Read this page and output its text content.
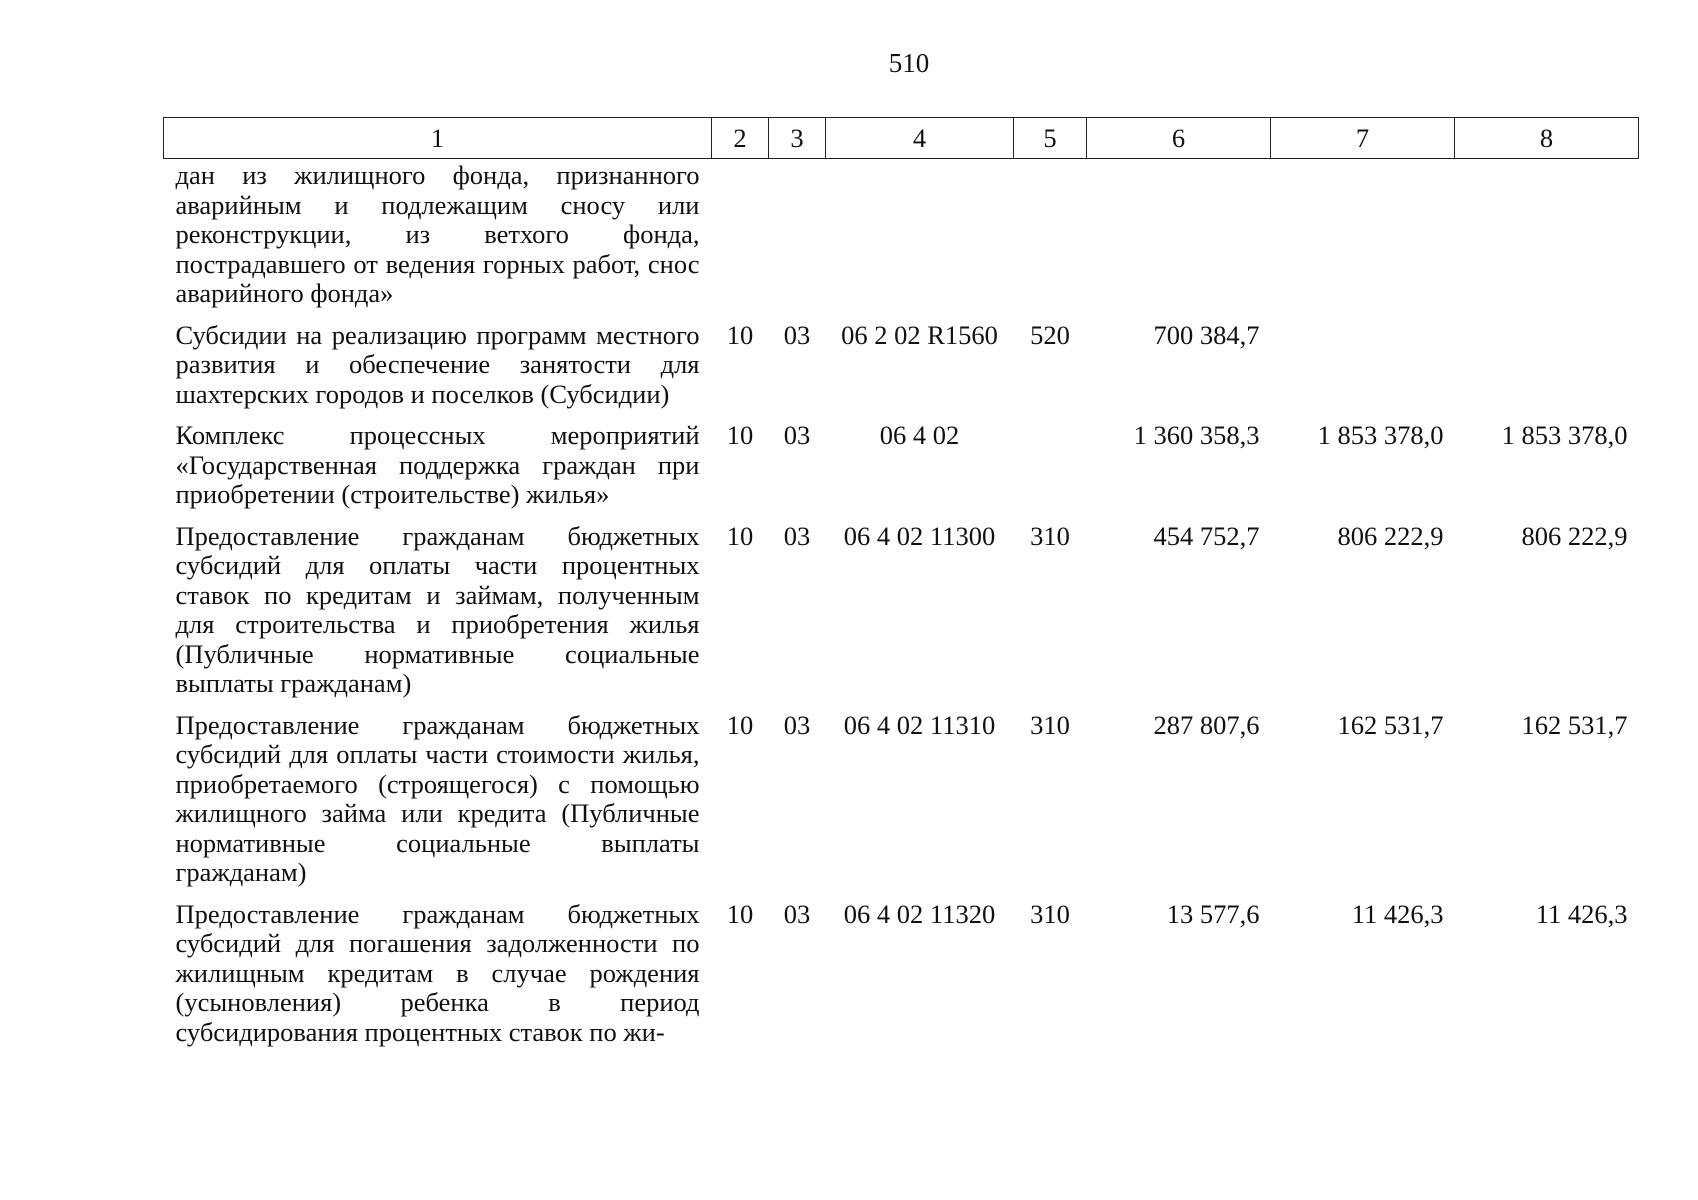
510
1	2	3	4	5	6	7	8
дан из жилищного фонда, признанного аварийным и подлежащим сносу или реконструкции, из ветхого фонда, пострадавшего от ведения горных работ, снос аварийного фонда»							
Субсидии на реализацию программ местного развития и обеспечение занятости для шахтерских городов и поселков (Субсидии)	10	03	06 2 02 R1560	520	700 384,7		
Комплекс процессных мероприятий «Государственная поддержка граждан при приобретении (строительстве) жилья»	10	03	06 4 02		1 360 358,3	1 853 378,0	1 853 378,0
Предоставление гражданам бюджетных субсидий для оплаты части процентных ставок по кредитам и займам, полученным для строительства и приобретения жилья (Публичные нормативные социальные выплаты гражданам)	10	03	06 4 02 11300	310	454 752,7	806 222,9	806 222,9
Предоставление гражданам бюджетных субсидий для оплаты части стоимости жилья, приобретаемого (строящегося) с помощью жилищного займа или кредита (Публичные нормативные социальные выплаты гражданам)	10	03	06 4 02 11310	310	287 807,6	162 531,7	162 531,7
Предоставление гражданам бюджетных субсидий для погашения задолженности по жилищным кредитам в случае рождения (усыновления) ребенка в период субсидирования процентных ставок по жи-	10	03	06 4 02 11320	310	13 577,6	11 426,3	11 426,3
